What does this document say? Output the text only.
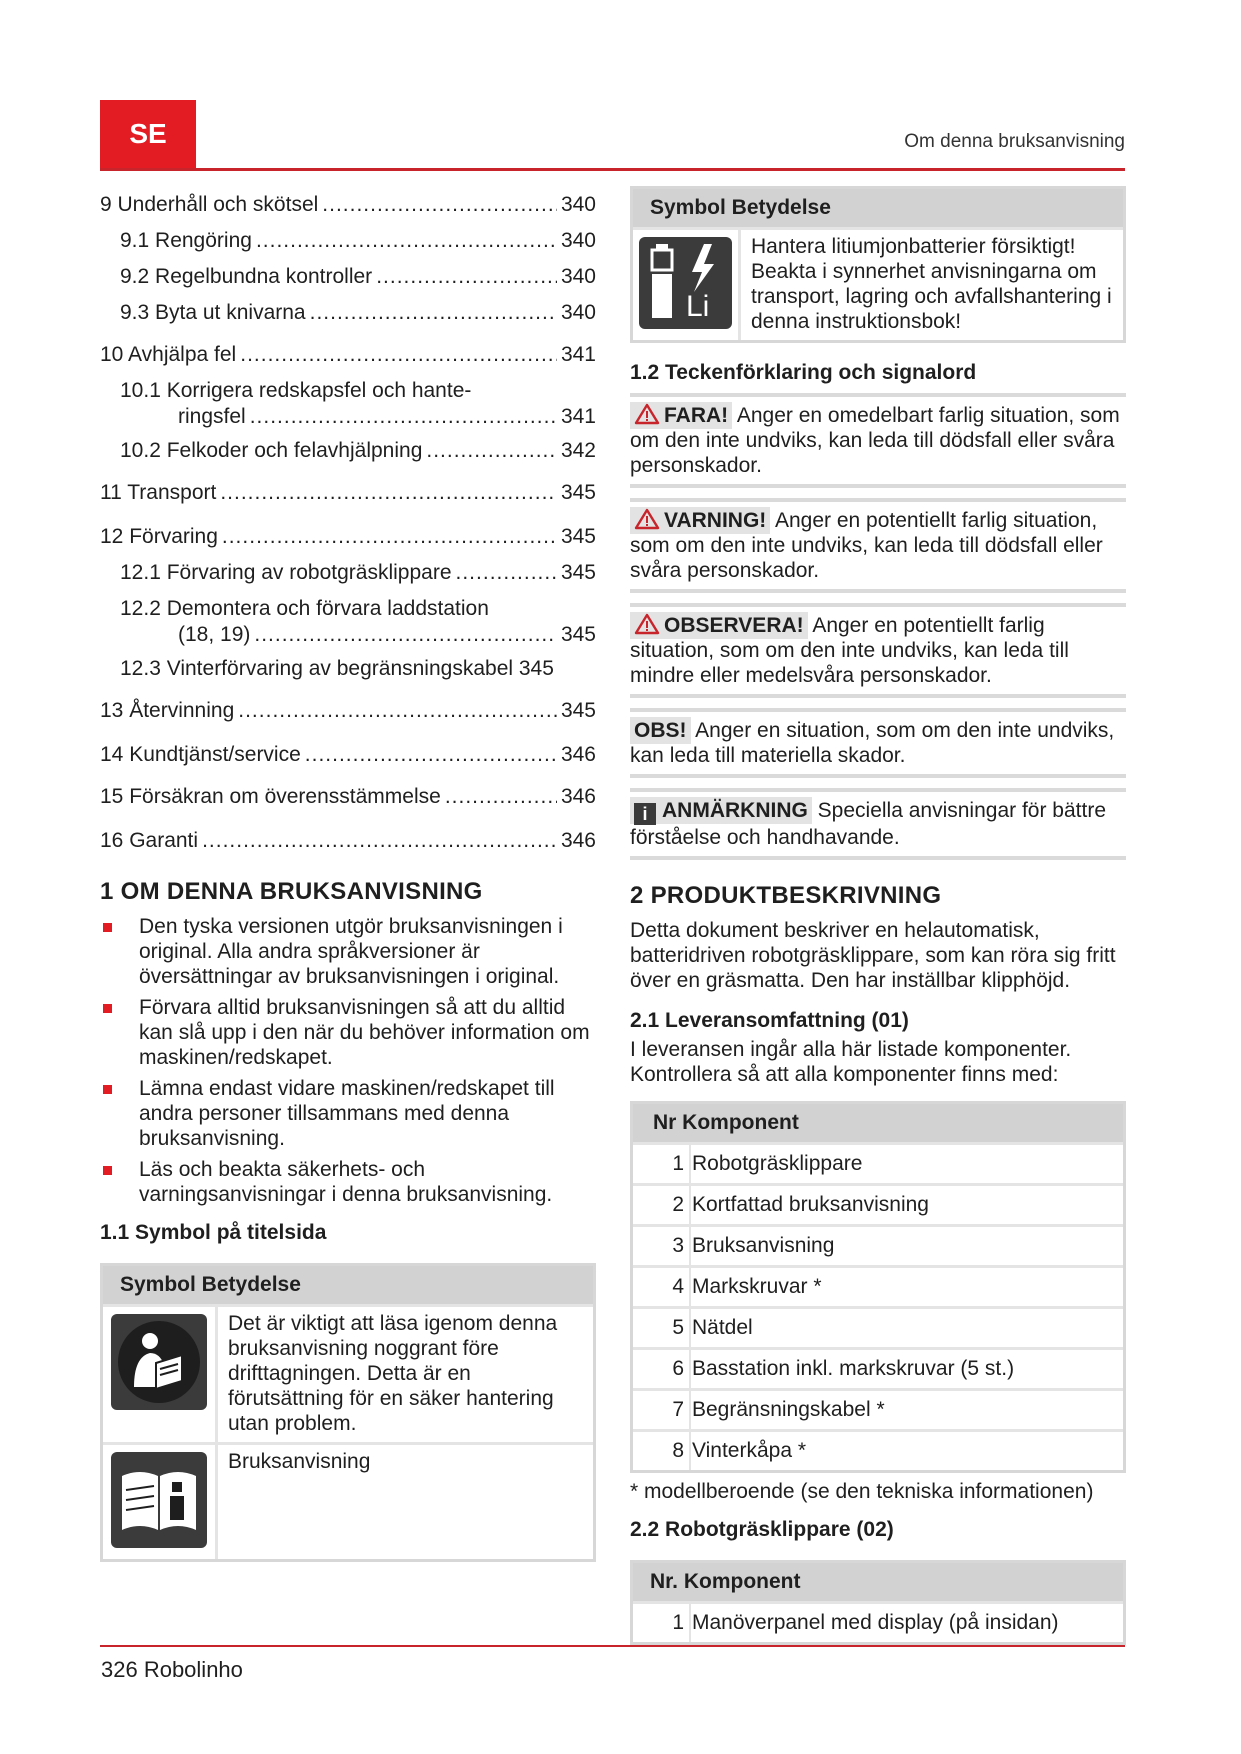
SE	Om denna bruksanvisning
9 Underhåll och skötsel .....	340
9.1 Rengöring .....	340
9.2 Regelbundna kontroller .....	340
9.3 Byta ut knivarna .....	340
10 Avhjälpa fel .....	341
10.1 Korrigera redskapsfel och hante-
ringsfel .....	341
10.2 Felkoder och felavhjälpning .....	342
11 Transport .....	345
12 Förvaring .....	345
12.1 Förvaring av robotgräsklippare .....	345
12.2 Demontera och förvara laddstation
(18, 19) .....	345
12.3 Vinterförvaring av begränsningskabel 345
13 Återvinning .....	345
14 Kundtjänst/service .....	346
15 Försäkran om överensstämmelse .....	346
16 Garanti .....	346
1 OM DENNA BRUKSANVISNING
Den tyska versionen utgör bruksanvisningen i original. Alla andra språkversioner är översättningar av bruksanvisningen i original.
Förvara alltid bruksanvisningen så att du alltid kan slå upp i den när du behöver information om maskinen/redskapet.
Lämna endast vidare maskinen/redskapet till andra personer tillsammans med denna bruksanvisning.
Läs och beakta säkerhets- och varningsanvisningar i denna bruksanvisning.
1.1 Symbol på titelsida
Symbol Betydelse
Det är viktigt att läsa igenom denna bruksanvisning noggrant före drifttagningen. Detta är en förutsättning för en säker hantering utan problem.
Bruksanvisning
Symbol Betydelse
Li
Hantera litiumjonbatterier försiktigt! Beakta i synnerhet anvisningarna om transport, lagring och avfallshantering i denna instruktionsbok!
1.2 Teckenförklaring och signalord

FARA! Anger en omedelbart farlig situation, som om den inte undviks, kan leda till dödsfall eller svåra personskador.

VARNING! Anger en potentiellt farlig situation, som om den inte undviks, kan leda till dödsfall eller svåra personskador.

OBSERVERA! Anger en potentiellt farlig situation, som om den inte undviks, kan leda till mindre eller medelsvåra personskador.

OBS! Anger en situation, som om den inte undviks, kan leda till materiella skador.

i ANMÄRKNING Speciella anvisningar för bättre förståelse och handhavande.

2 PRODUKTBESKRIVNING

Detta dokument beskriver en helautomatisk, batteridriven robotgräsklippare, som kan röra sig fritt över en gräsmatta. Den har inställbar klipphöjd.

2.1 Leveransomfattning (01)

I leveransen ingår alla här listade komponenter. Kontrollera så att alla komponenter finns med:

Nr Komponent
1 Robotgräsklippare
2 Kortfattad bruksanvisning
3 Bruksanvisning
4 Markskruvar *
5 Nätdel
6 Basstation inkl. markskruvar (5 st.)
7 Begränsningskabel *
8 Vinterkåpa *

* modellberoende (se den tekniska informationen)

2.2 Robotgräsklippare (02)
Nr. Komponent
1 Manöverpanel med display (på insidan)
326 Robolinho
